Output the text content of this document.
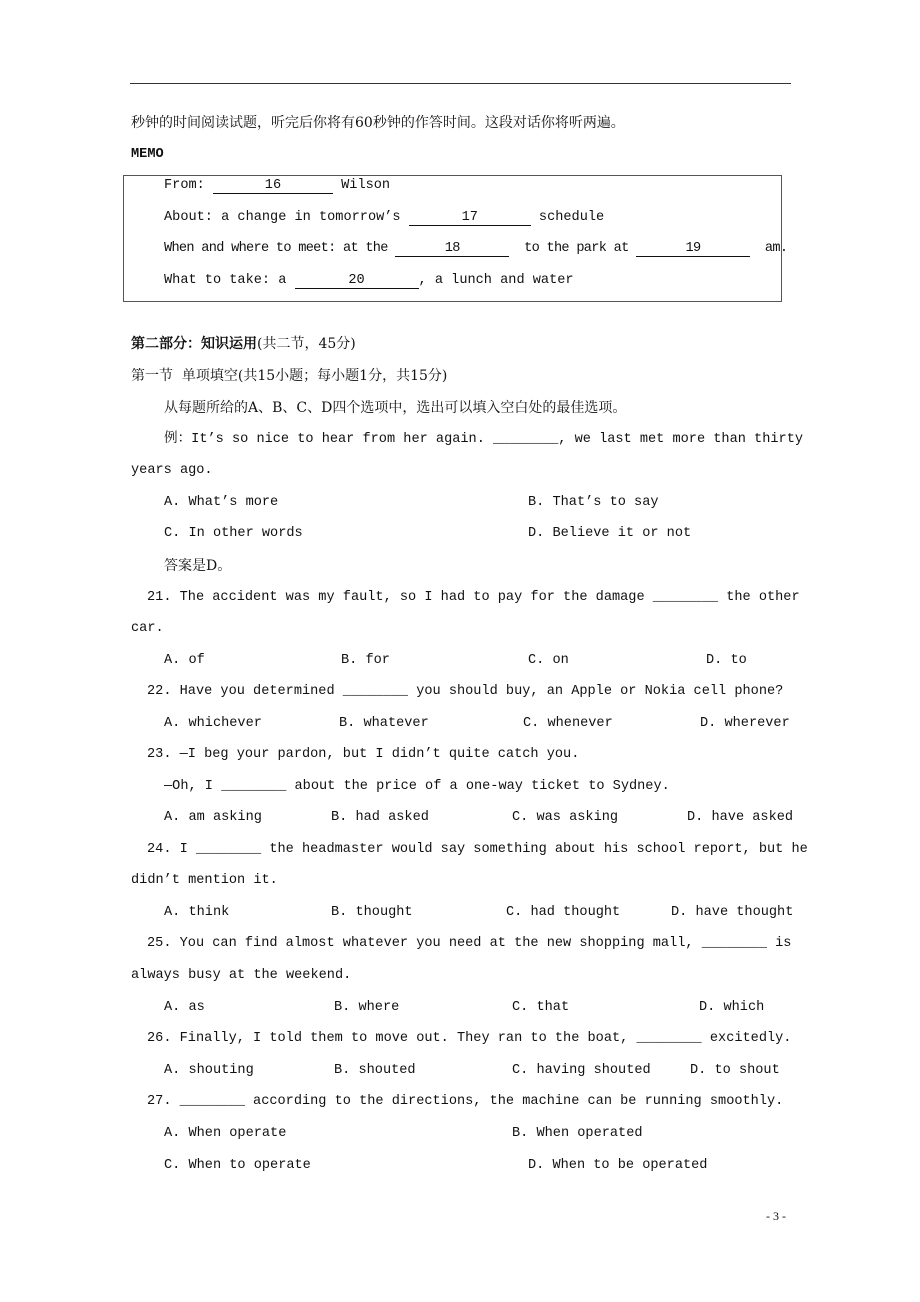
秒钟的时间阅读试题，听完后你将有60秒钟的作答时间。这段对话你将听两遍。
MEMO
From:	16	Wilson
About: a change in tomorrow’s	17	schedule
When and where to meet: at the	18	to the park at	19	am.
What to take: a	20	, a lunch and water
第二部分：知识运用(共二节，45分)
第一节  单项填空(共15小题；每小题1分，共15分)
从每题所给的A、B、C、D四个选项中，选出可以填入空白处的最佳选项。
例：It’s so nice to hear from her again. ________, we last met more than thirty
years ago.
A. What’s more	B. That’s to say
C. In other words	D. Believe it or not
答案是D。
21. The accident was my fault, so I had to pay for the damage ________ the other
car.
A. of	B. for	C. on	D. to
22. Have you determined ________ you should buy, an Apple or Nokia cell phone?
A. whichever	B. whatever	C. whenever	D. wherever
23. —I beg your pardon, but I didn’t quite catch you.
—Oh, I ________ about the price of a one-way ticket to Sydney.
A. am asking	B. had asked	C. was asking	D. have asked
24. I ________ the headmaster would say something about his school report, but he
didn’t mention it.
A. think	B. thought	C. had thought	D. have thought
25. You can find almost whatever you need at the new shopping mall, ________ is
always busy at the weekend.
A. as	B. where	C. that	D. which
26. Finally, I told them to move out. They ran to the boat, ________ excitedly.
A. shouting	B. shouted	C. having shouted	D. to shout
27. ________ according to the directions, the machine can be running smoothly.
A. When operate	B. When operated
C. When to operate	D. When to be operated
- 3 -
